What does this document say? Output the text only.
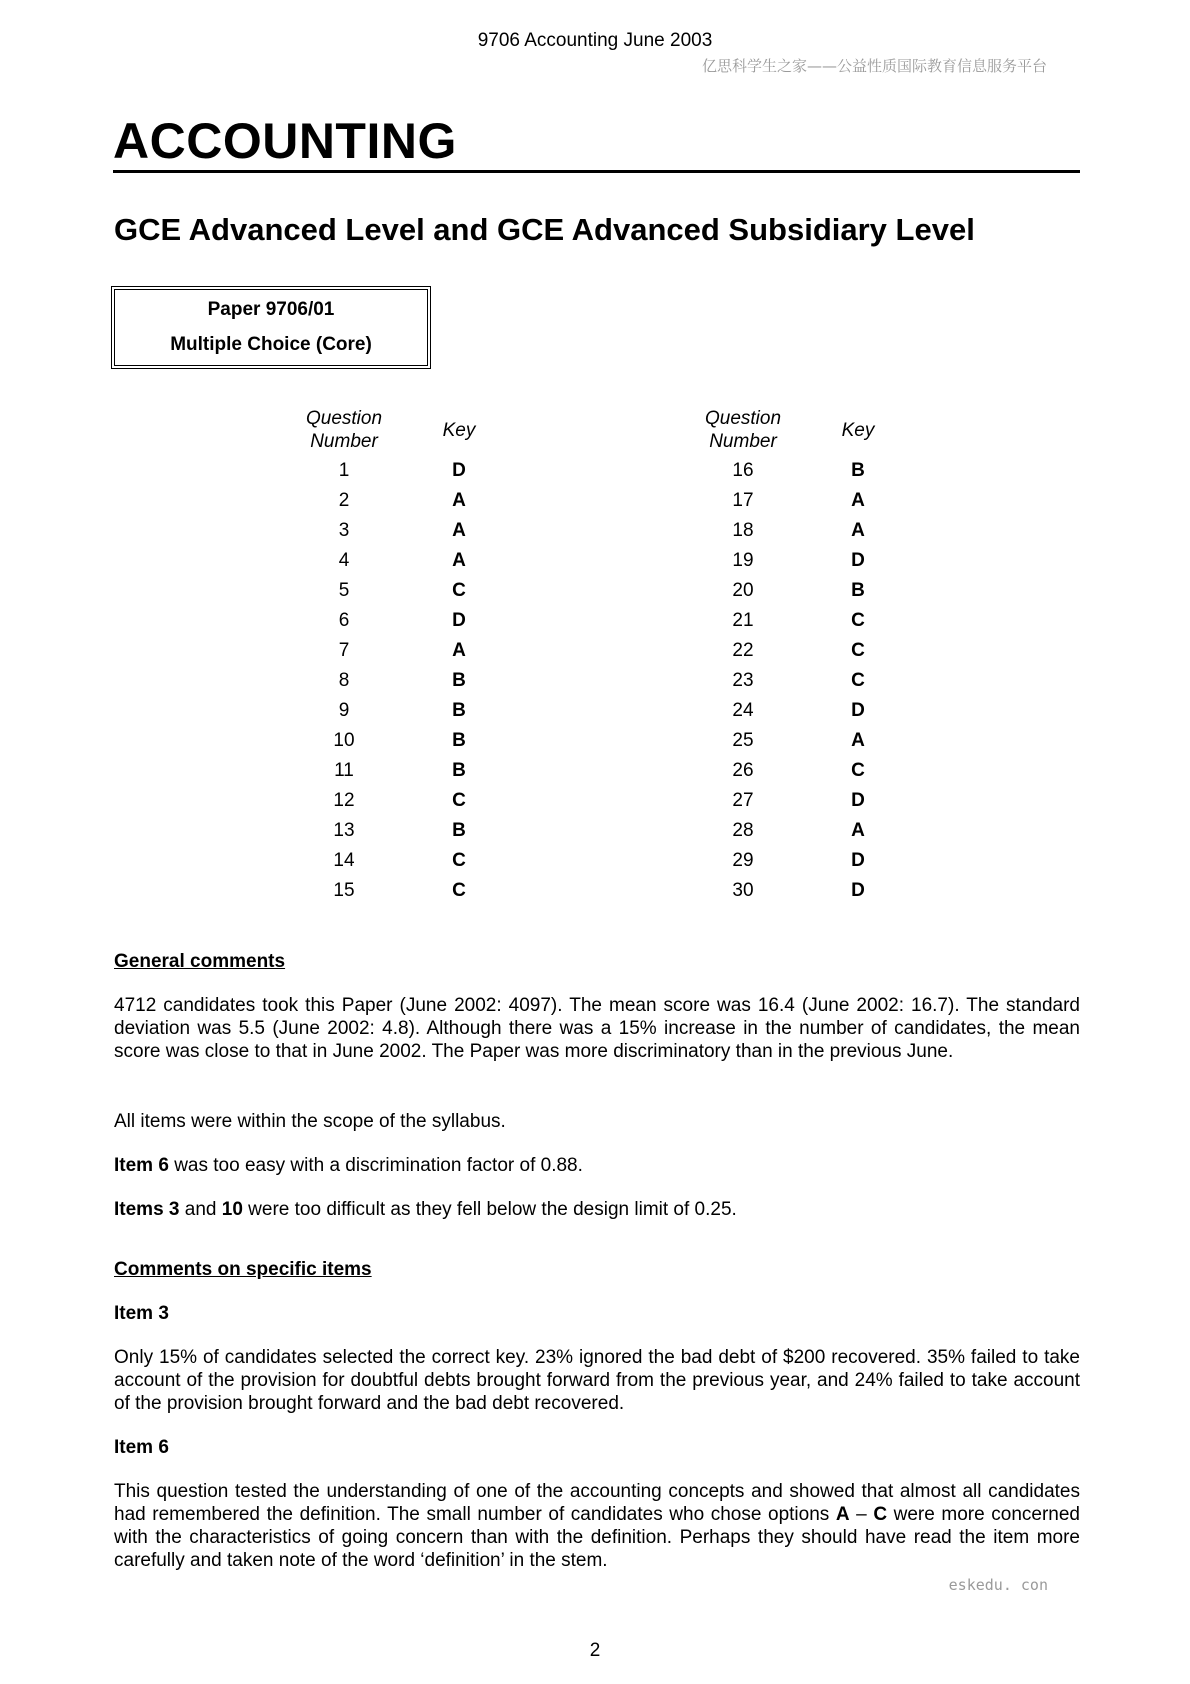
9706 Accounting June 2003
亿思科学生之家——公益性质国际教育信息服务平台
ACCOUNTING
GCE Advanced Level and GCE Advanced Subsidiary Level
Paper 9706/01
Multiple Choice (Core)
Question
Number
1
2
3
4
5
6
7
8
9
10
11
12
13
14
15
Key
D
A
A
A
C
D
A
B
B
B
B
C
B
C
C
Question
Number
16
17
18
19
20
21
22
23
24
25
26
27
28
29
30
Key
B
A
A
D
B
C
C
C
D
A
C
D
A
D
D
General comments
4712 candidates took this Paper (June 2002: 4097). The mean score was 16.4 (June 2002: 16.7). The standard deviation was 5.5 (June 2002: 4.8). Although there was a 15% increase in the number of candidates, the mean score was close to that in June 2002. The Paper was more discriminatory than in the previous June.
All items were within the scope of the syllabus.
Item 6 was too easy with a discrimination factor of 0.88.
Items 3 and 10 were too difficult as they fell below the design limit of 0.25.
Comments on specific items
Item 3
Only 15% of candidates selected the correct key. 23% ignored the bad debt of $200 recovered. 35% failed to take account of the provision for doubtful debts brought forward from the previous year, and 24% failed to take account of the provision brought forward and the bad debt recovered.
Item 6
This question tested the understanding of one of the accounting concepts and showed that almost all candidates had remembered the definition. The small number of candidates who chose options A – C were more concerned with the characteristics of going concern than with the definition. Perhaps they should have read the item more carefully and taken note of the word ‘definition’ in the stem.
eskedu. con
2
